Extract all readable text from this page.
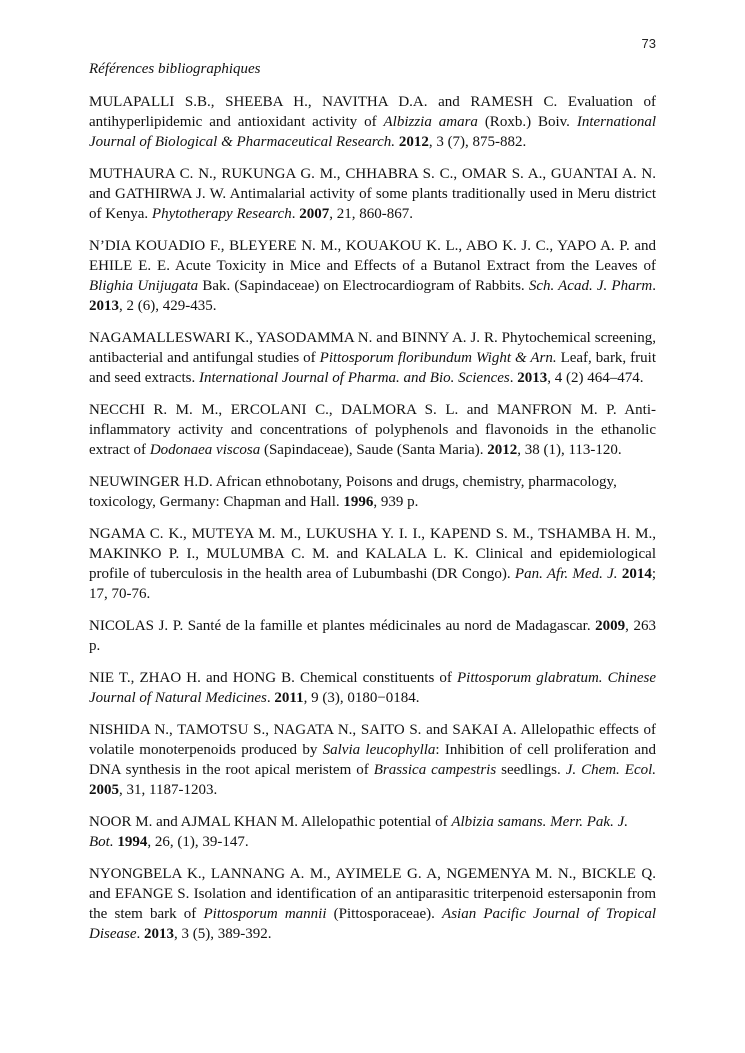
73
Références bibliographiques

MULAPALLI S.B., SHEEBA H., NAVITHA D.A. and RAMESH C. Evaluation of antihyperlipidemic and antioxidant activity of Albizzia amara (Roxb.) Boiv. International Journal of Biological & Pharmaceutical Research. 2012, 3 (7), 875-882.

MUTHAURA C. N., RUKUNGA G. M., CHHABRA S. C., OMAR S. A., GUANTAI A. N. and GATHIRWA J. W. Antimalarial activity of some plants traditionally used in Meru district of Kenya. Phytotherapy Research. 2007, 21, 860-867.

N’DIA KOUADIO F., BLEYERE N. M., KOUAKOU K. L., ABO K. J. C., YAPO A. P. and EHILE E. E. Acute Toxicity in Mice and Effects of a Butanol Extract from the Leaves of Blighia Unijugata Bak. (Sapindaceae) on Electrocardiogram of Rabbits. Sch. Acad. J. Pharm. 2013, 2 (6), 429-435.

NAGAMALLESWARI K., YASODAMMA N. and BINNY A. J. R. Phytochemical screening, antibacterial and antifungal studies of Pittosporum floribundum Wight & Arn. Leaf, bark, fruit and seed extracts. International Journal of Pharma. and Bio. Sciences. 2013, 4 (2) 464–474.

NECCHI R. M. M., ERCOLANI C., DALMORA S. L. and MANFRON M. P. Anti-inflammatory activity and concentrations of polyphenols and flavonoids in the ethanolic extract of Dodonaea viscosa (Sapindaceae), Saude (Santa Maria). 2012, 38 (1), 113-120.

NEUWINGER H.D. African ethnobotany, Poisons and drugs, chemistry, pharmacology,
toxicology, Germany: Chapman and Hall. 1996, 939 p.

NGAMA C. K., MUTEYA M. M., LUKUSHA Y. I. I., KAPEND S. M., TSHAMBA H. M., MAKINKO P. I., MULUMBA C. M. and KALALA L. K. Clinical and epidemiological profile of tuberculosis in the health area of Lubumbashi (DR Congo). Pan. Afr. Med. J. 2014; 17, 70-76.

NICOLAS J. P. Santé de la famille et plantes médicinales au nord de Madagascar. 2009, 263 p.

NIE T., ZHAO H. and HONG B. Chemical constituents of Pittosporum glabratum. Chinese Journal of Natural Medicines. 2011, 9 (3), 0180−0184.

NISHIDA N., TAMOTSU S., NAGATA N., SAITO S. and SAKAI A. Allelopathic effects of volatile monoterpenoids produced by Salvia leucophylla: Inhibition of cell proliferation and DNA synthesis in the root apical meristem of Brassica campestris seedlings. J. Chem. Ecol. 2005, 31, 1187-1203.

NOOR M. and AJMAL KHAN M. Allelopathic potential of Albizia samans. Merr. Pak. J.
Bot. 1994, 26, (1), 39-147.

NYONGBELA K., LANNANG A. M., AYIMELE G. A, NGEMENYA M. N., BICKLE Q. and EFANGE S. Isolation and identification of an antiparasitic triterpenoid estersaponin from the stem bark of Pittosporum mannii (Pittosporaceae). Asian Pacific Journal of Tropical Disease. 2013, 3 (5), 389-392.
